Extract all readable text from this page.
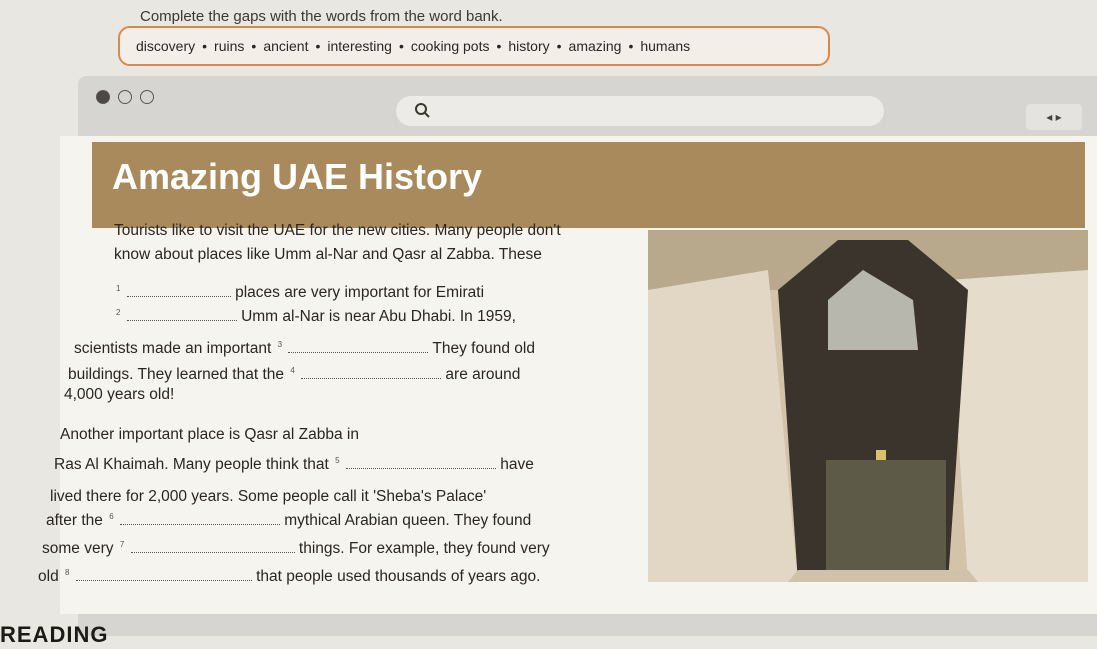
Complete the gaps with the words from the word bank.
discovery • ruins • ancient • interesting • cooking pots • history • amazing • humans
◂ ▸
Amazing UAE History
Tourists like to visit the UAE for the new cities. Many people don't
know about places like Umm al-Nar and Qasr al Zabba. These
$^1$	places are very important for Emirati
$^2$	Umm al-Nar is near Abu Dhabi. In 1959,
scientists made an important $^3$	They found old
buildings. They learned that the $^4$	are around
4,000 years old!
Another important place is Qasr al Zabba in
Ras Al Khaimah. Many people think that $^5$	have
lived there for 2,000 years. Some people call it 'Sheba's Palace'
after the $^6$	mythical Arabian queen. They found
some very $^7$	things. For example, they found very
old $^8$	that people used thousands of years ago.
READING
